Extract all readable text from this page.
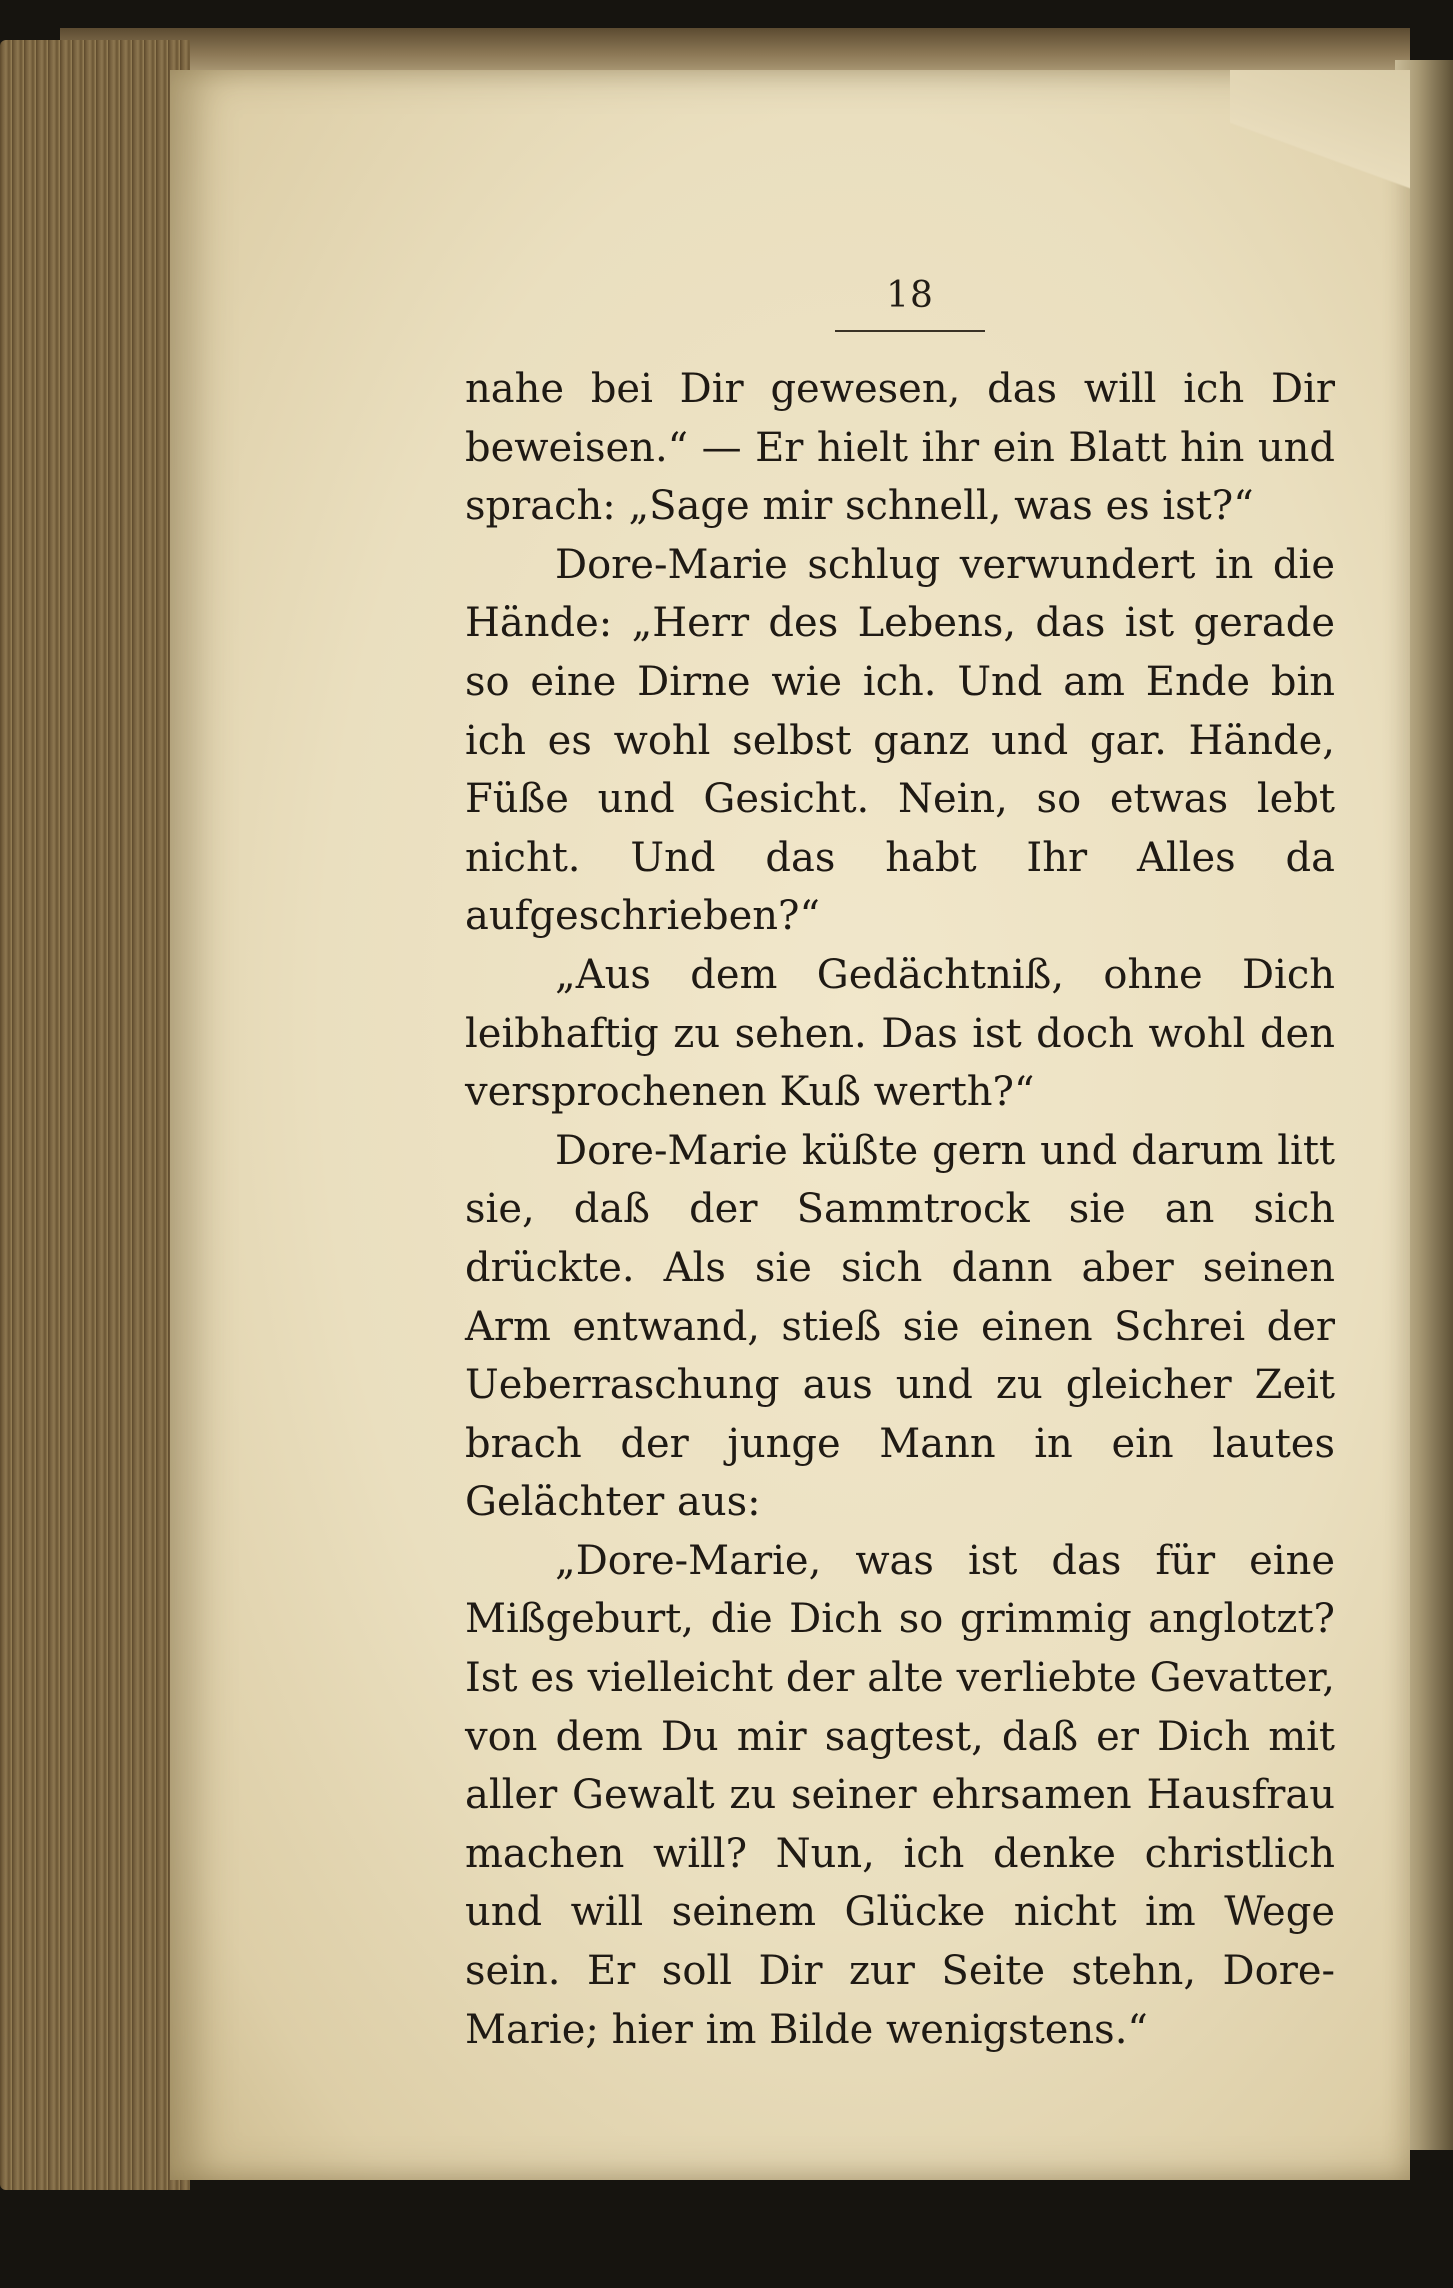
18

nahe bei Dir gewesen, das will ich Dir beweisen.“ — Er hielt ihr ein Blatt hin und sprach: „Sage mir schnell, was es ist?“

Dore-Marie schlug verwundert in die Hände: „Herr des Lebens, das ist gerade so eine Dirne wie ich. Und am Ende bin ich es wohl selbst ganz und gar. Hände, Füße und Gesicht. Nein, so etwas lebt nicht. Und das habt Ihr Alles da aufgeschrieben?“

„Aus dem Gedächtniß, ohne Dich leibhaftig zu sehen. Das ist doch wohl den versprochenen Kuß werth?“

Dore-Marie küßte gern und darum litt sie, daß der Sammtrock sie an sich drückte. Als sie sich dann aber seinen Arm entwand, stieß sie einen Schrei der Ueberraschung aus und zu gleicher Zeit brach der junge Mann in ein lautes Gelächter aus:

„Dore-Marie, was ist das für eine Mißgeburt, die Dich so grimmig anglotzt? Ist es vielleicht der alte verliebte Gevatter, von dem Du mir sagtest, daß er Dich mit aller Gewalt zu seiner ehrsamen Hausfrau machen will? Nun, ich denke christlich und will seinem Glücke nicht im Wege sein. Er soll Dir zur Seite stehn, Dore-Marie; hier im Bilde wenigstens.“
